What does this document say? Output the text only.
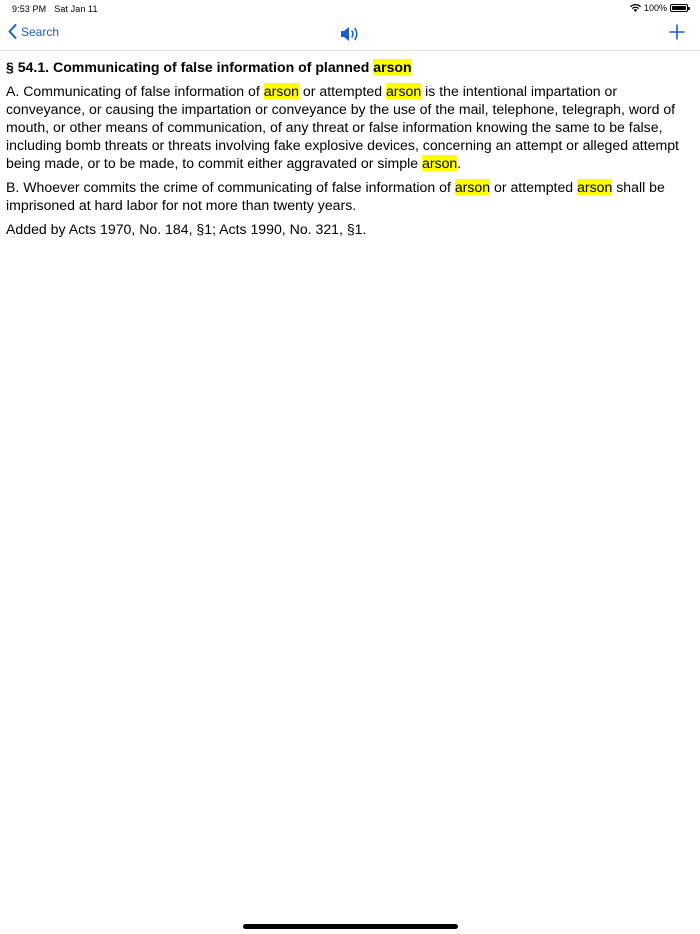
9:53 PM Sat Jan 11	100%
Search

§ 54.1. Communicating of false information of planned arson

A. Communicating of false information of arson or attempted arson is the intentional impartation or conveyance, or causing the impartation or conveyance by the use of the mail, telephone, telegraph, word of mouth, or other means of communication, of any threat or false information knowing the same to be false, including bomb threats or threats involving fake explosive devices, concerning an attempt or alleged attempt being made, or to be made, to commit either aggravated or simple arson.

B. Whoever commits the crime of communicating of false information of arson or attempted arson shall be imprisoned at hard labor for not more than twenty years.

Added by Acts 1970, No. 184, §1; Acts 1990, No. 321, §1.
